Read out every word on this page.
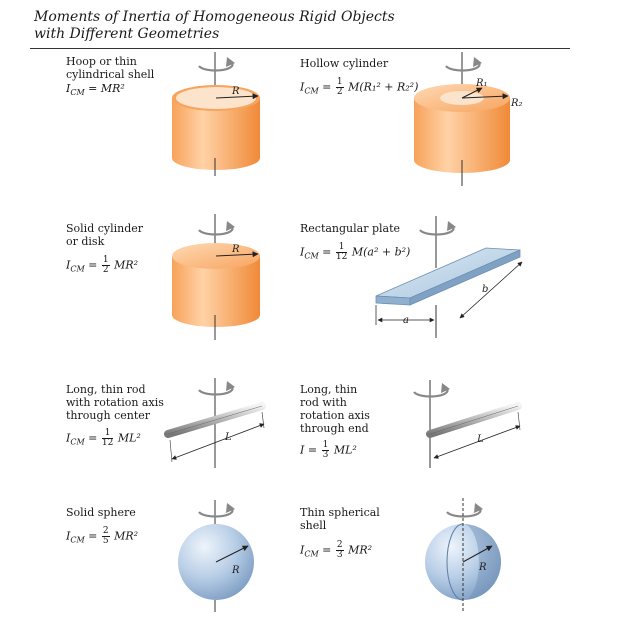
Moments of Inertia of Homogeneous Rigid Objects
with Different Geometries
Hoop or thin
cylindrical shell
Hollow cylinder
Solid cylinder
or disk
Rectangular plate
Long, thin rod
with rotation axis
through center
Long, thin
rod with
rotation axis
through end
Solid sphere	Thin spherical
shell
$I_{CM} = MR^2$	$I_{CM} = \frac{1}{2} M(R_1^2 + R_2^2)$
$I_{CM} = \frac{1}{2} MR^2$
$I_{CM} = \frac{1}{12} M(a^2 + b^2)$
$I_{CM} = \frac{1}{12} ML^2$
$I = \frac{1}{3} ML^2$
$I_{CM} = \frac{2}{5} MR^2$
$I_{CM} = \frac{2}{3} MR^2$
R
R₁
R₂
R
a
b
L	L
R	R
